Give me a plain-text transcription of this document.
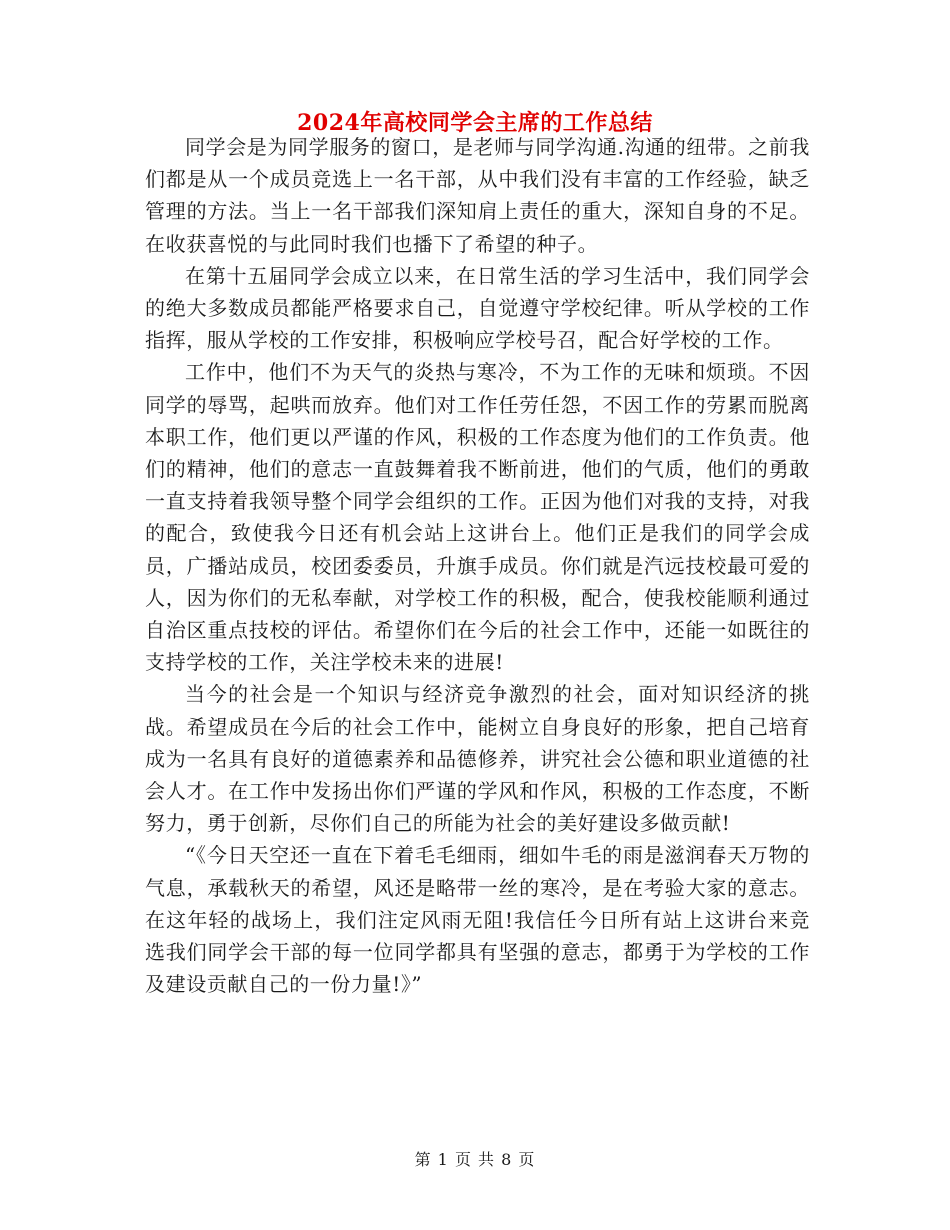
2024年高校同学会主席的工作总结

同学会是为同学服务的窗口，是老师与同学沟通.沟通的纽带。之前我们都是从一个成员竞选上一名干部，从中我们没有丰富的工作经验，缺乏管理的方法。当上一名干部我们深知肩上责任的重大，深知自身的不足。在收获喜悦的与此同时我们也播下了希望的种子。

在第十五届同学会成立以来，在日常生活的学习生活中，我们同学会的绝大多数成员都能严格要求自己，自觉遵守学校纪律。听从学校的工作指挥，服从学校的工作安排，积极响应学校号召，配合好学校的工作。

工作中，他们不为天气的炎热与寒冷，不为工作的无味和烦琐。不因同学的辱骂，起哄而放弃。他们对工作任劳任怨，不因工作的劳累而脱离本职工作，他们更以严谨的作风，积极的工作态度为他们的工作负责。他们的精神，他们的意志一直鼓舞着我不断前进，他们的气质，他们的勇敢一直支持着我领导整个同学会组织的工作。正因为他们对我的支持，对我的配合，致使我今日还有机会站上这讲台上。他们正是我们的同学会成员，广播站成员，校团委委员，升旗手成员。你们就是汽远技校最可爱的人，因为你们的无私奉献，对学校工作的积极，配合，使我校能顺利通过自治区重点技校的评估。希望你们在今后的社会工作中，还能一如既往的支持学校的工作，关注学校未来的进展!

当今的社会是一个知识与经济竞争激烈的社会，面对知识经济的挑战。希望成员在今后的社会工作中，能树立自身良好的形象，把自己培育成为一名具有良好的道德素养和品德修养，讲究社会公德和职业道德的社会人才。在工作中发扬出你们严谨的学风和作风，积极的工作态度，不断努力，勇于创新，尽你们自己的所能为社会的美好建设多做贡献!

“《今日天空还一直在下着毛毛细雨，细如牛毛的雨是滋润春天万物的气息，承载秋天的希望，风还是略带一丝的寒冷，是在考验大家的意志。在这年轻的战场上，我们注定风雨无阻!我信任今日所有站上这讲台来竞选我们同学会干部的每一位同学都具有坚强的意志，都勇于为学校的工作及建设贡献自己的一份力量!》”

第 1 页 共 8 页
